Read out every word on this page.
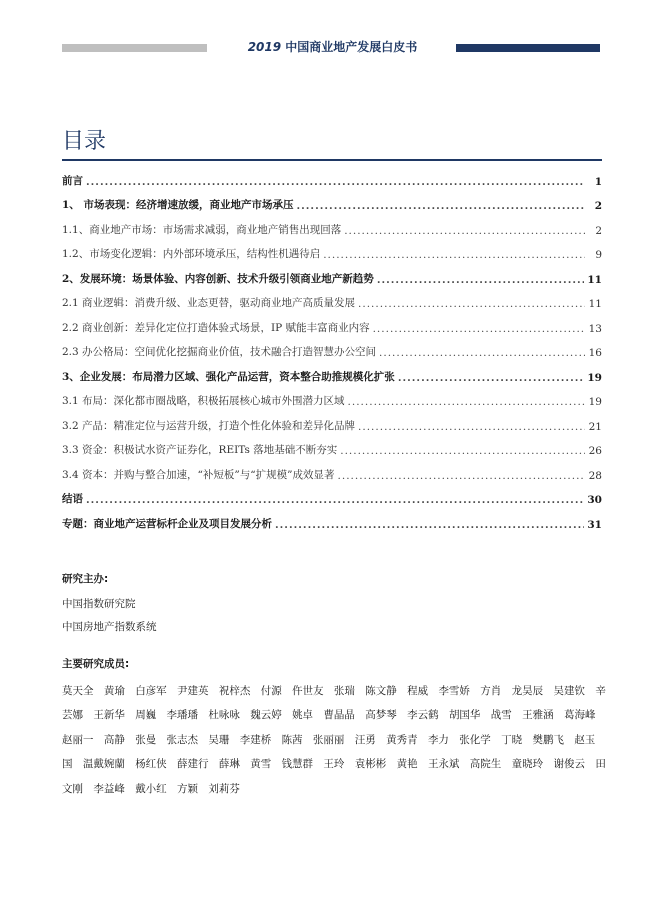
2019 中国商业地产发展白皮书
目录
前言 .....	1
1、 市场表现：经济增速放缓，商业地产市场承压 .....	2
1.1、商业地产市场：市场需求减弱，商业地产销售出现回落 .....	2
1.2、市场变化逻辑：内外部环境承压，结构性机遇待启 .....	9
2、发展环境：场景体验、内容创新、技术升级引领商业地产新趋势 .....	11
2.1 商业逻辑：消费升级、业态更替，驱动商业地产高质量发展 .....	11
2.2 商业创新：差异化定位打造体验式场景，IP 赋能丰富商业内容 .....	13
2.3 办公格局：空间优化挖掘商业价值，技术融合打造智慧办公空间 .....	16
3、企业发展：布局潜力区域、强化产品运营，资本整合助推规模化扩张 .....	19
3.1 布局：深化都市圈战略，积极拓展核心城市外围潜力区域 .....	19
3.2 产品：精准定位与运营升级，打造个性化体验和差异化品牌 .....	21
3.3 资金：积极试水资产证券化，REITs 落地基础不断夯实 .....	26
3.4 资本：并购与整合加速，“补短板”与“扩规模”成效显著 .....	28
结语 .....	30
专题：商业地产运营标杆企业及项目发展分析 .....	31
研究主办:
中国指数研究院
中国房地产指数系统
主要研究成员:
莫天全 黄瑜 白彦军 尹建英 祝梓杰 付源 仵世友 张瑞 陈文静 程威 李雪娇 方肖 龙昊辰 吴建钦 辛芸娜 王新华 周巍 李璠璠 杜咏咏 魏云婷 姚卓 曹晶晶 高梦琴 李云鹤 胡国华 战雪 王雅涵 葛海峰 赵丽一 高静 张曼 张志杰 吴珊 李建桥 陈茜 张丽丽 汪勇 黄秀青 李力 张化学 丁晓 樊鹏飞 赵玉国 温戴婉蘭 杨红侠 薛建行 薛琳 黄雪 钱慧群 王玲 袁彬彬 黄艳 王永斌 高院生 童晓玲 谢俊云 田文刚 李益峰 戴小红 方颖 刘莉芬
